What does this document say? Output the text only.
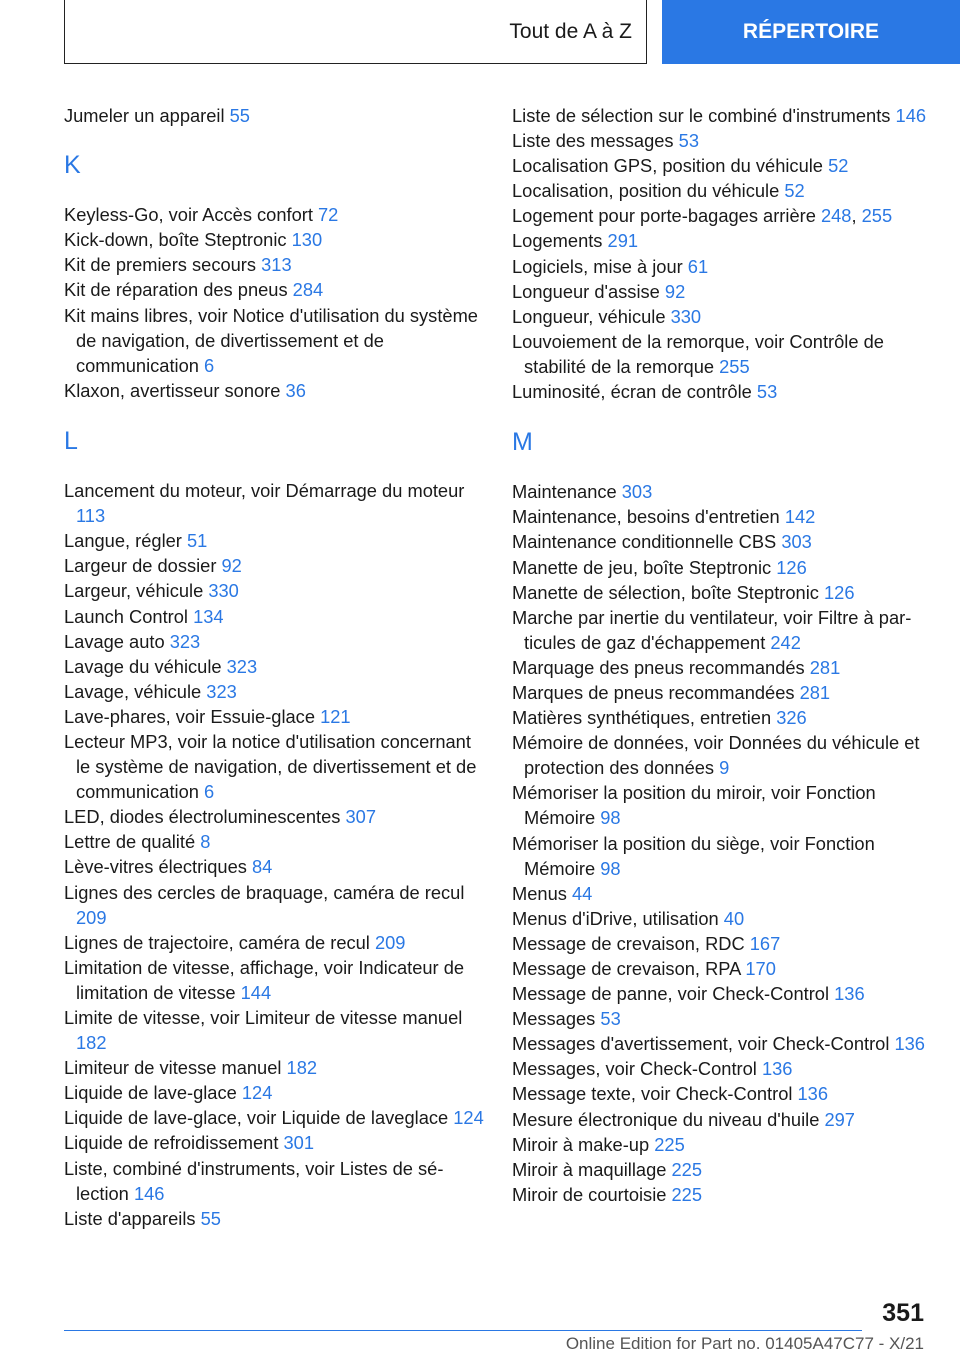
Tout de A à Z	RÉPERTOIRE

Jumeler un appareil 55

K

Keyless-Go, voir Accès confort 72

Kick-down, boîte Steptronic 130

Kit de premiers secours 313

Kit de réparation des pneus 284

Kit mains libres, voir Notice d'utilisation du système de navigation, de divertissement et de communication 6

Klaxon, avertisseur sonore 36

L

Lancement du moteur, voir Démarrage du moteur 113

Langue, régler 51

Largeur de dossier 92

Largeur, véhicule 330

Launch Control 134

Lavage auto 323

Lavage du véhicule 323

Lavage, véhicule 323

Lave-phares, voir Essuie-glace 121

Lecteur MP3, voir la notice d'utilisation concernant le système de navigation, de divertissement et de communication 6

LED, diodes électroluminescentes 307

Lettre de qualité 8

Lève-vitres électriques 84

Lignes des cercles de braquage, caméra de recul 209

Lignes de trajectoire, caméra de recul 209

Limitation de vitesse, affichage, voir Indicateur de limitation de vitesse 144

Limite de vitesse, voir Limiteur de vitesse manuel 182

Limiteur de vitesse manuel 182

Liquide de lave-glace 124

Liquide de lave-glace, voir Liquide de laveglace 124

Liquide de refroidissement 301

Liste, combiné d'instruments, voir Listes de sélection 146

Liste d'appareils 55

Liste de sélection sur le combiné d'instruments 146

Liste des messages 53

Localisation GPS, position du véhicule 52

Localisation, position du véhicule 52

Logement pour porte-bagages arrière 248, 255

Logements 291

Logiciels, mise à jour 61

Longueur d'assise 92

Longueur, véhicule 330

Louvoiement de la remorque, voir Contrôle de stabilité de la remorque 255

Luminosité, écran de contrôle 53

M

Maintenance 303

Maintenance, besoins d'entretien 142

Maintenance conditionnelle CBS 303

Manette de jeu, boîte Steptronic 126

Manette de sélection, boîte Steptronic 126

Marche par inertie du ventilateur, voir Filtre à particules de gaz d'échappement 242

Marquage des pneus recommandés 281

Marques de pneus recommandées 281

Matières synthétiques, entretien 326

Mémoire de données, voir Données du véhicule et protection des données 9

Mémoriser la position du miroir, voir Fonction Mémoire 98

Mémoriser la position du siège, voir Fonction Mémoire 98

Menus 44

Menus d'iDrive, utilisation 40

Message de crevaison, RDC 167

Message de crevaison, RPA 170

Message de panne, voir Check-Control 136

Messages 53

Messages d'avertissement, voir Check-Control 136

Messages, voir Check-Control 136

Message texte, voir Check-Control 136

Mesure électronique du niveau d'huile 297

Miroir à make-up 225

Miroir à maquillage 225

Miroir de courtoisie 225

351
Online Edition for Part no. 01405A47C77 - X/21
